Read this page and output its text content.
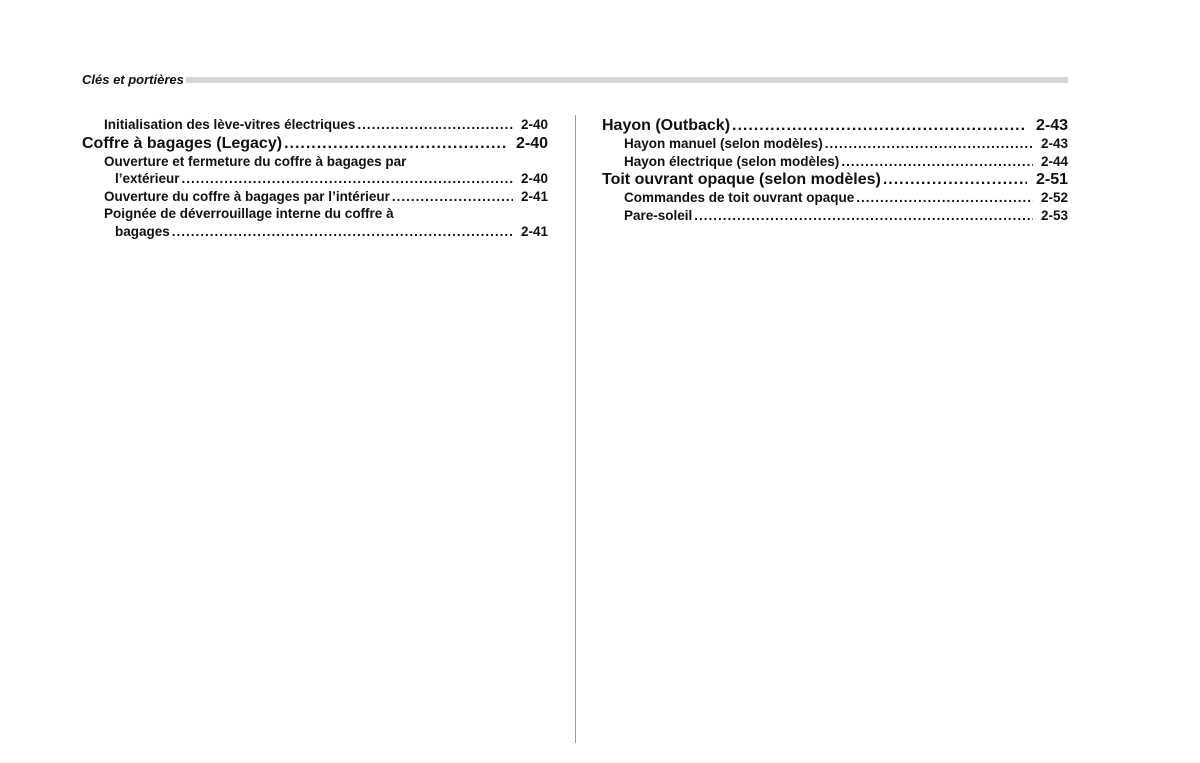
Clés et portières
Initialisation des lève-vitres électriques .....	2-40
Coffre à bagages (Legacy) .....	2-40
Ouverture et fermeture du coffre à bagages par
l’extérieur .....	2-40
Ouverture du coffre à bagages par l’intérieur .....	2-41
Poignée de déverrouillage interne du coffre à
bagages .....	2-41
Hayon (Outback) .....	2-43
Hayon manuel (selon modèles) .....	2-43
Hayon électrique (selon modèles) .....	2-44
Toit ouvrant opaque (selon modèles) .....	2-51
Commandes de toit ouvrant opaque .....	2-52
Pare-soleil .....	2-53
